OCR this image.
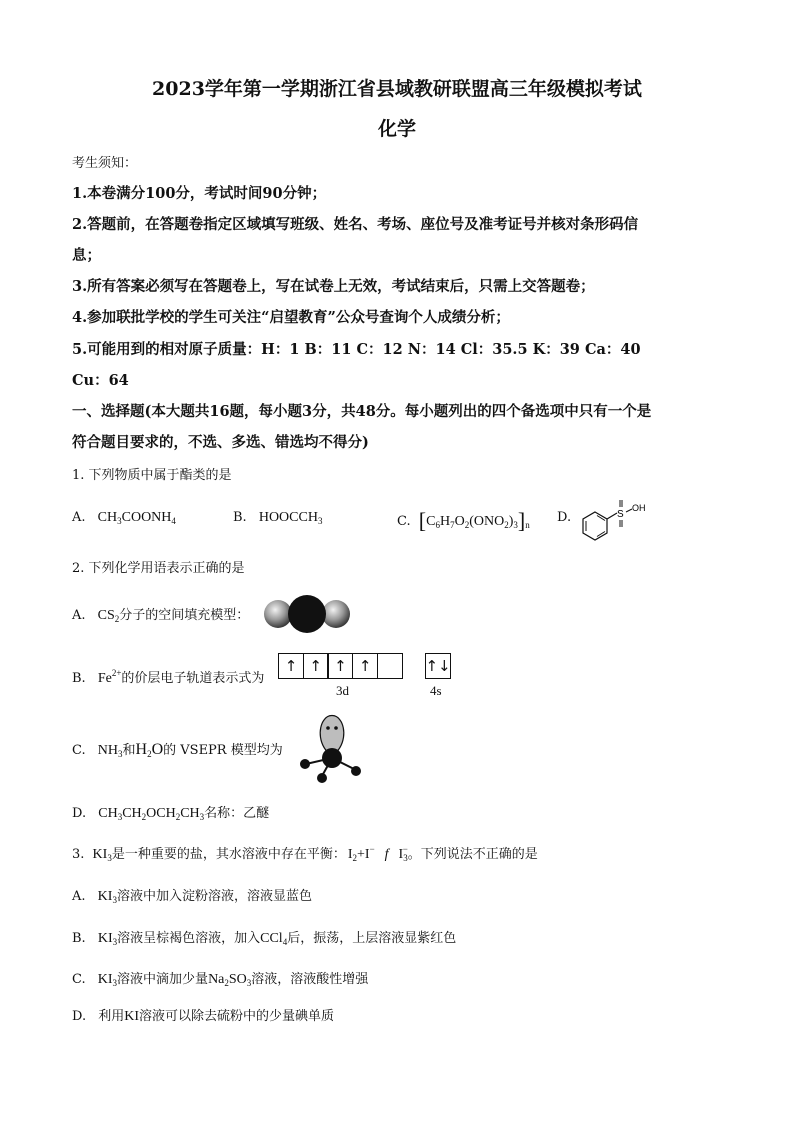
2023学年第一学期浙江省县域教研联盟高三年级模拟考试
化学
考生须知：
1.本卷满分100分，考试时间90分钟；
2.答题前，在答题卷指定区域填写班级、姓名、考场、座位号及准考证号并核对条形码信
息；
3.所有答案必须写在答题卷上，写在试卷上无效，考试结束后，只需上交答题卷；
4.参加联批学校的学生可关注“启望教育”公众号查询个人成绩分析；
5.可能用到的相对原子质量：H：1 B：11 C：12 N：14 Cl：35.5 K：39 Ca：40
Cu：64
一、选择题(本大题共16题，每小题3分，共48分。每小题列出的四个备选项中只有一个是
符合题目要求的，不选、多选、错选均不得分)
1. 下列物质中属于酯类的是
A. $CH_3COONH_4$	B. $HOOCCH_3$	C. $[C_6H_7O_2(ONO_2)_3]_n$ D.	S
OH
2. 下列化学用语表示正确的是
A. $CS_2$分子的空间填充模型：
B. $Fe^{2+}$的价层电子轨道表示式为
↑ ↑ ↑ ↑	↑↓
3d	4s
C. $NH_3$和$H_2O$的 VSEPR 模型均为
D. $CH_3CH_2OCH_2CH_3$名称：乙醚
3. $KI_3$是一种重要的盐，其水溶液中存在平衡： $I_2+I^-$ f $I_3^-$。下列说法不正确的是
A. $KI_3$溶液中加入淀粉溶液，溶液显蓝色
B. $KI_3$溶液呈棕褐色溶液，加入CCl$_4$后，振荡，上层溶液显紫红色
C. $KI_3$溶液中滴加少量$Na_2SO_3$溶液，溶液酸性增强
D. 利用KI溶液可以除去硫粉中的少量碘单质
